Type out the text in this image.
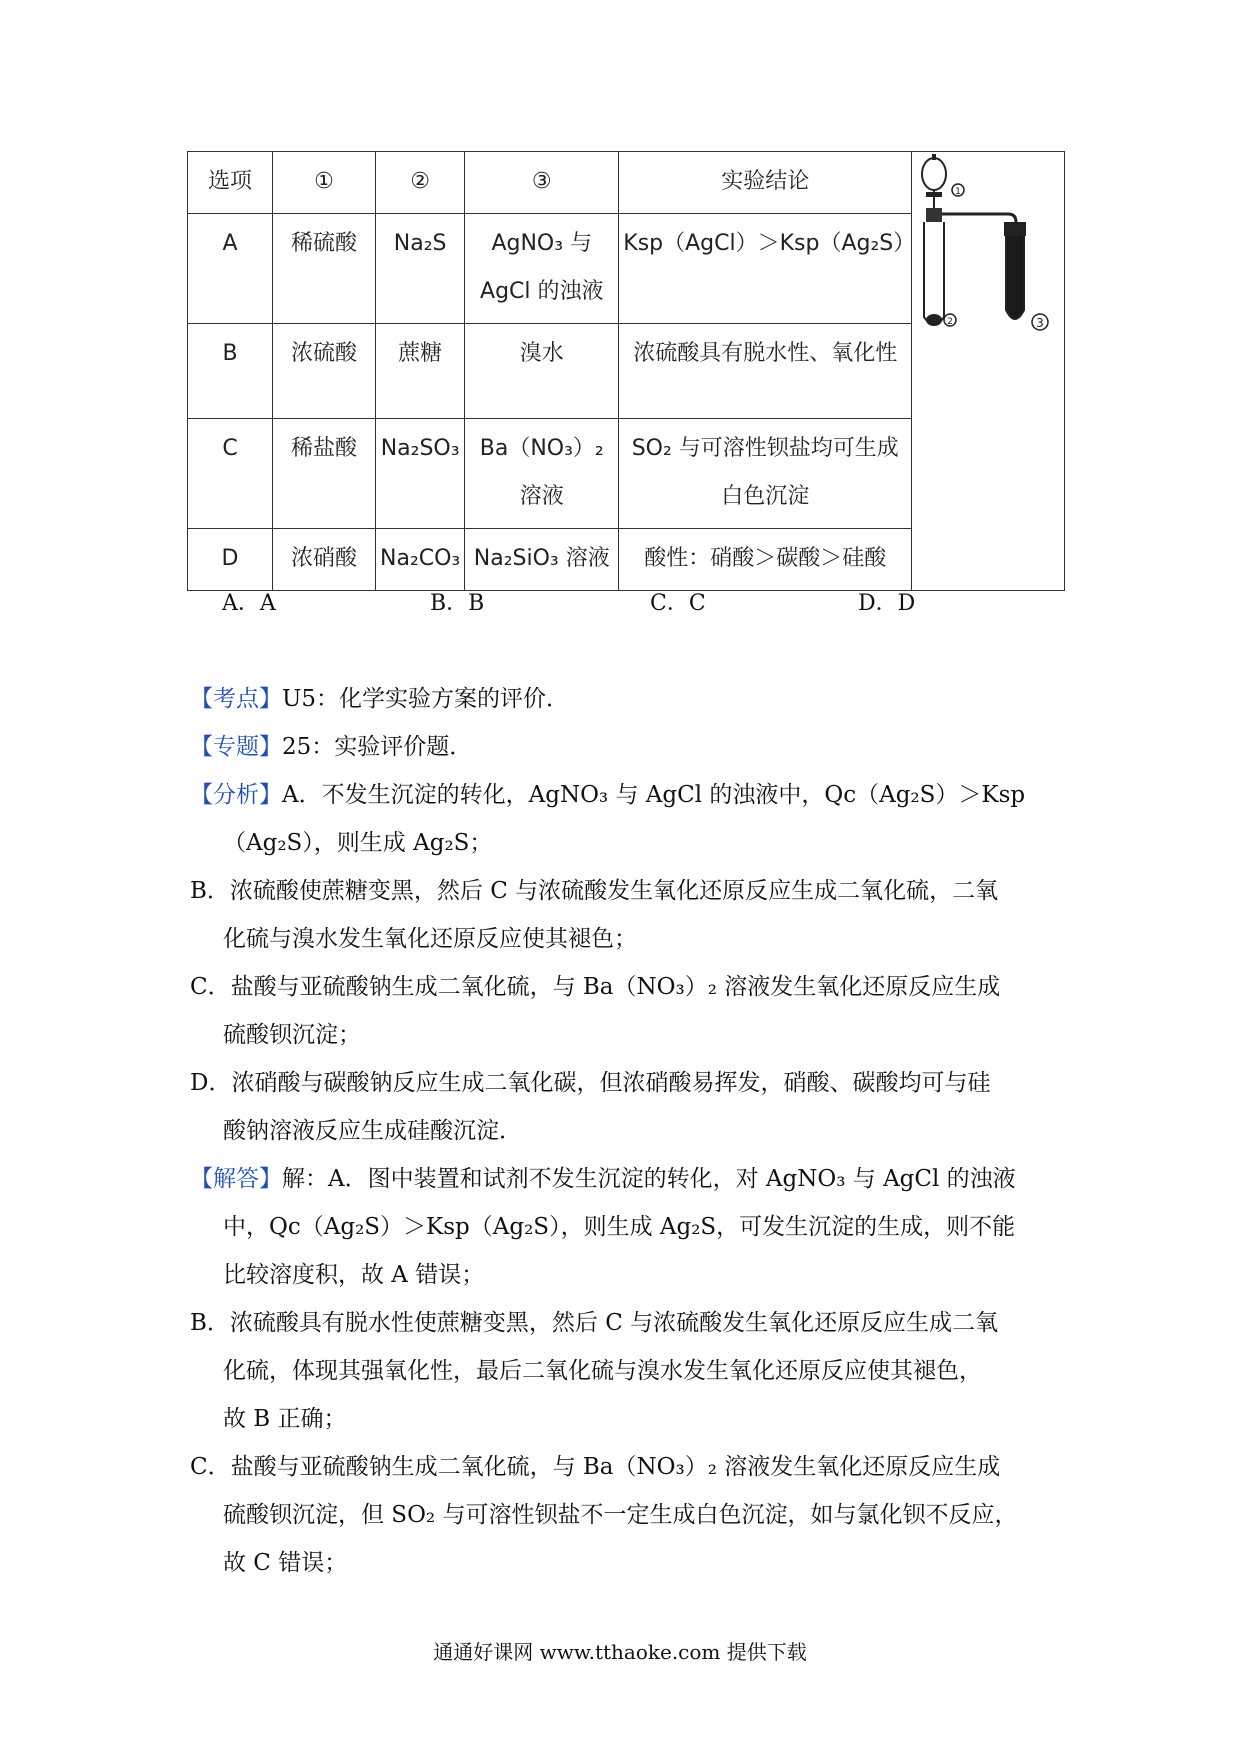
选项	①	②	③	实验结论	1
2 3

A	稀硫酸	Na₂S	AgNO₃ 与 AgCl 的浊液	Ksp（AgCl）＞Ksp（Ag₂S）	
B	浓硫酸	蔗糖	溴水	浓硫酸具有脱水性、氧化性	
C	稀盐酸	Na₂SO₃	Ba（NO₃）₂ 溶液	SO₂ 与可溶性钡盐均可生成白色沉淀	
D	浓硝酸	Na₂CO₃	Na₂SiO₃ 溶液	酸性：硝酸＞碳酸＞硅酸	
A．A	B．B	C．C	D．D
【考点】U5：化学实验方案的评价．
【专题】25：实验评价题．
【分析】A．不发生沉淀的转化，AgNO₃ 与 AgCl 的浊液中，Qc（Ag₂S）＞Ksp
（Ag₂S），则生成 Ag₂S；
B．浓硫酸使蔗糖变黑，然后 C 与浓硫酸发生氧化还原反应生成二氧化硫，二氧
化硫与溴水发生氧化还原反应使其褪色；
C．盐酸与亚硫酸钠生成二氧化硫，与 Ba（NO₃）₂ 溶液发生氧化还原反应生成
硫酸钡沉淀；
D．浓硝酸与碳酸钠反应生成二氧化碳，但浓硝酸易挥发，硝酸、碳酸均可与硅
酸钠溶液反应生成硅酸沉淀．
【解答】解：A．图中装置和试剂不发生沉淀的转化，对 AgNO₃ 与 AgCl 的浊液
中，Qc（Ag₂S）＞Ksp（Ag₂S），则生成 Ag₂S，可发生沉淀的生成，则不能
比较溶度积，故 A 错误；
B．浓硫酸具有脱水性使蔗糖变黑，然后 C 与浓硫酸发生氧化还原反应生成二氧
化硫，体现其强氧化性，最后二氧化硫与溴水发生氧化还原反应使其褪色，
故 B 正确；
C．盐酸与亚硫酸钠生成二氧化硫，与 Ba（NO₃）₂ 溶液发生氧化还原反应生成
硫酸钡沉淀，但 SO₂ 与可溶性钡盐不一定生成白色沉淀，如与氯化钡不反应，
故 C 错误；
通通好课网 www.tthaoke.com 提供下载
